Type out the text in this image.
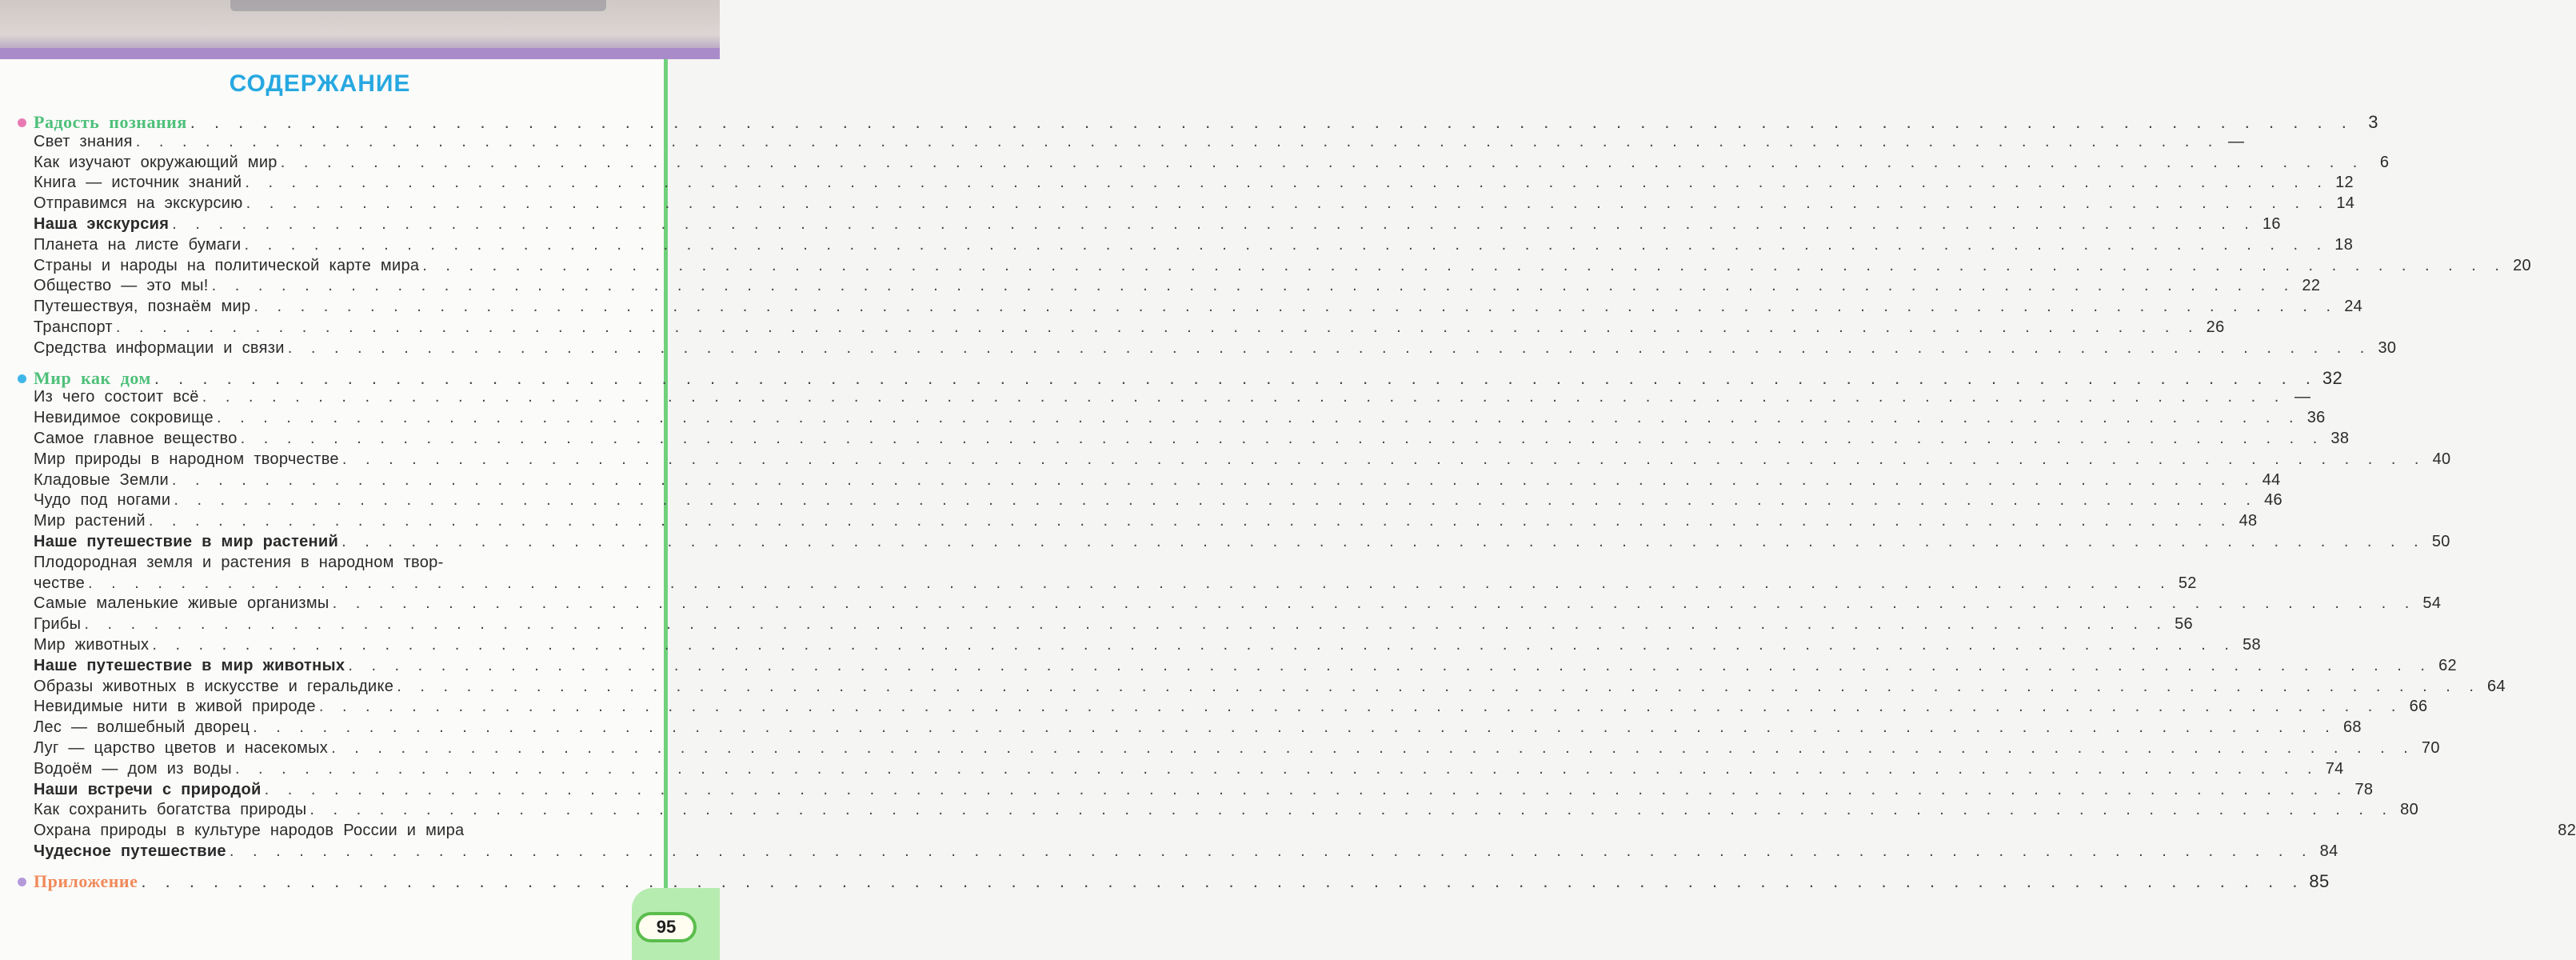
95
СОДЕРЖАНИЕ
Радость познания . . . . . . . . . . . . . . . . . . . . . . . . . . . . . . . . . . . . . . . . . . . . . . . . . . . . . . . . . . . . . . . . . . . . . . . . . . . . . . . . . . . . . . . . . . 3
Свет знания . . . . . . . . . . . . . . . . . . . . . . . . . . . . . . . . . . . . . . . . . . . . . . . . . . . . . . . . . . . . . . . . . . . . . . . . . . . . . . . . . . . . . . . . . . —
Как изучают окружающий мир . . . . . . . . . . . . . . . . . . . . . . . . . . . . . . . . . . . . . . . . . . . . . . . . . . . . . . . . . . . . . . . . . . . . . . . . . . . . . . . . . . . . . . . . . .	6
Книга — источник знаний . . . . . . . . . . . . . . . . . . . . . . . . . . . . . . . . . . . . . . . . . . . . . . . . . . . . . . . . . . . . . . . . . . . . . . . . . . . . . . . . . . . . . . . . . . 12
Отправимся на экскурсию . . . . . . . . . . . . . . . . . . . . . . . . . . . . . . . . . . . . . . . . . . . . . . . . . . . . . . . . . . . . . . . . . . . . . . . . . . . . . . . . . . . . . . . . . . 14
Наша экскурсия . . . . . . . . . . . . . . . . . . . . . . . . . . . . . . . . . . . . . . . . . . . . . . . . . . . . . . . . . . . . . . . . . . . . . . . . . . . . . . . . . . . . . . . . . . 16
Планета на листе бумаги . . . . . . . . . . . . . . . . . . . . . . . . . . . . . . . . . . . . . . . . . . . . . . . . . . . . . . . . . . . . . . . . . . . . . . . . . . . . . . . . . . . . . . . . . . 18
Страны и народы на политической карте мира . . . . . . . . . . . . . . . . . . . . . . . . . . . . . . . . . . . . . . . . . . . . . . . . . . . . . . . . . . . . . . . . . . . . . . . . . . . . . . . . . . . . . . . . . . 20
Общество — это мы! . . . . . . . . . . . . . . . . . . . . . . . . . . . . . . . . . . . . . . . . . . . . . . . . . . . . . . . . . . . . . . . . . . . . . . . . . . . . . . . . . . . . . . . . . . 22
Путешествуя, познаём мир . . . . . . . . . . . . . . . . . . . . . . . . . . . . . . . . . . . . . . . . . . . . . . . . . . . . . . . . . . . . . . . . . . . . . . . . . . . . . . . . . . . . . . . . . . 24
Транспорт . . . . . . . . . . . . . . . . . . . . . . . . . . . . . . . . . . . . . . . . . . . . . . . . . . . . . . . . . . . . . . . . . . . . . . . . . . . . . . . . . . . . . . . . . . 26
Средства информации и связи . . . . . . . . . . . . . . . . . . . . . . . . . . . . . . . . . . . . . . . . . . . . . . . . . . . . . . . . . . . . . . . . . . . . . . . . . . . . . . . . . . . . . . . . . . 30
Мир как дом . . . . . . . . . . . . . . . . . . . . . . . . . . . . . . . . . . . . . . . . . . . . . . . . . . . . . . . . . . . . . . . . . . . . . . . . . . . . . . . . . . . . . . . . . . 32
Из чего состоит всё . . . . . . . . . . . . . . . . . . . . . . . . . . . . . . . . . . . . . . . . . . . . . . . . . . . . . . . . . . . . . . . . . . . . . . . . . . . . . . . . . . . . . . . . . . —
Невидимое сокровище . . . . . . . . . . . . . . . . . . . . . . . . . . . . . . . . . . . . . . . . . . . . . . . . . . . . . . . . . . . . . . . . . . . . . . . . . . . . . . . . . . . . . . . . . . 36
Самое главное вещество . . . . . . . . . . . . . . . . . . . . . . . . . . . . . . . . . . . . . . . . . . . . . . . . . . . . . . . . . . . . . . . . . . . . . . . . . . . . . . . . . . . . . . . . . . 38
Мир природы в народном творчестве . . . . . . . . . . . . . . . . . . . . . . . . . . . . . . . . . . . . . . . . . . . . . . . . . . . . . . . . . . . . . . . . . . . . . . . . . . . . . . . . . . . . . . . . . . 40
Кладовые Земли . . . . . . . . . . . . . . . . . . . . . . . . . . . . . . . . . . . . . . . . . . . . . . . . . . . . . . . . . . . . . . . . . . . . . . . . . . . . . . . . . . . . . . . . . . 44
Чудо под ногами . . . . . . . . . . . . . . . . . . . . . . . . . . . . . . . . . . . . . . . . . . . . . . . . . . . . . . . . . . . . . . . . . . . . . . . . . . . . . . . . . . . . . . . . . . 46
Мир растений . . . . . . . . . . . . . . . . . . . . . . . . . . . . . . . . . . . . . . . . . . . . . . . . . . . . . . . . . . . . . . . . . . . . . . . . . . . . . . . . . . . . . . . . . . 48
Наше путешествие в мир растений . . . . . . . . . . . . . . . . . . . . . . . . . . . . . . . . . . . . . . . . . . . . . . . . . . . . . . . . . . . . . . . . . . . . . . . . . . . . . . . . . . . . . . . . . . 50
Плодородная земля и растения в народном твор-
честве . . . . . . . . . . . . . . . . . . . . . . . . . . . . . . . . . . . . . . . . . . . . . . . . . . . . . . . . . . . . . . . . . . . . . . . . . . . . . . . . . . . . . . . . . . 52
Самые маленькие живые организмы . . . . . . . . . . . . . . . . . . . . . . . . . . . . . . . . . . . . . . . . . . . . . . . . . . . . . . . . . . . . . . . . . . . . . . . . . . . . . . . . . . . . . . . . . . 54
Грибы . . . . . . . . . . . . . . . . . . . . . . . . . . . . . . . . . . . . . . . . . . . . . . . . . . . . . . . . . . . . . . . . . . . . . . . . . . . . . . . . . . . . . . . . . . 56
Мир животных . . . . . . . . . . . . . . . . . . . . . . . . . . . . . . . . . . . . . . . . . . . . . . . . . . . . . . . . . . . . . . . . . . . . . . . . . . . . . . . . . . . . . . . . . . 58
Наше путешествие в мир животных . . . . . . . . . . . . . . . . . . . . . . . . . . . . . . . . . . . . . . . . . . . . . . . . . . . . . . . . . . . . . . . . . . . . . . . . . . . . . . . . . . . . . . . . . . 62
Образы животных в искусстве и геральдике . . . . . . . . . . . . . . . . . . . . . . . . . . . . . . . . . . . . . . . . . . . . . . . . . . . . . . . . . . . . . . . . . . . . . . . . . . . . . . . . . . . . . . . . . . 64
Невидимые нити в живой природе . . . . . . . . . . . . . . . . . . . . . . . . . . . . . . . . . . . . . . . . . . . . . . . . . . . . . . . . . . . . . . . . . . . . . . . . . . . . . . . . . . . . . . . . . . 66
Лес — волшебный дворец . . . . . . . . . . . . . . . . . . . . . . . . . . . . . . . . . . . . . . . . . . . . . . . . . . . . . . . . . . . . . . . . . . . . . . . . . . . . . . . . . . . . . . . . . . 68
Луг — царство цветов и насекомых . . . . . . . . . . . . . . . . . . . . . . . . . . . . . . . . . . . . . . . . . . . . . . . . . . . . . . . . . . . . . . . . . . . . . . . . . . . . . . . . . . . . . . . . . . 70
Водоём — дом из воды . . . . . . . . . . . . . . . . . . . . . . . . . . . . . . . . . . . . . . . . . . . . . . . . . . . . . . . . . . . . . . . . . . . . . . . . . . . . . . . . . . . . . . . . . . 74
Наши встречи с природой . . . . . . . . . . . . . . . . . . . . . . . . . . . . . . . . . . . . . . . . . . . . . . . . . . . . . . . . . . . . . . . . . . . . . . . . . . . . . . . . . . . . . . . . . . 78
Как сохранить богатства природы . . . . . . . . . . . . . . . . . . . . . . . . . . . . . . . . . . . . . . . . . . . . . . . . . . . . . . . . . . . . . . . . . . . . . . . . . . . . . . . . . . . . . . . . . . 80
Охрана природы в культуре народов России и мира	82
Чудесное путешествие . . . . . . . . . . . . . . . . . . . . . . . . . . . . . . . . . . . . . . . . . . . . . . . . . . . . . . . . . . . . . . . . . . . . . . . . . . . . . . . . . . . . . . . . . . 84
Приложение . . . . . . . . . . . . . . . . . . . . . . . . . . . . . . . . . . . . . . . . . . . . . . . . . . . . . . . . . . . . . . . . . . . . . . . . . . . . . . . . . . . . . . . . . . 85
